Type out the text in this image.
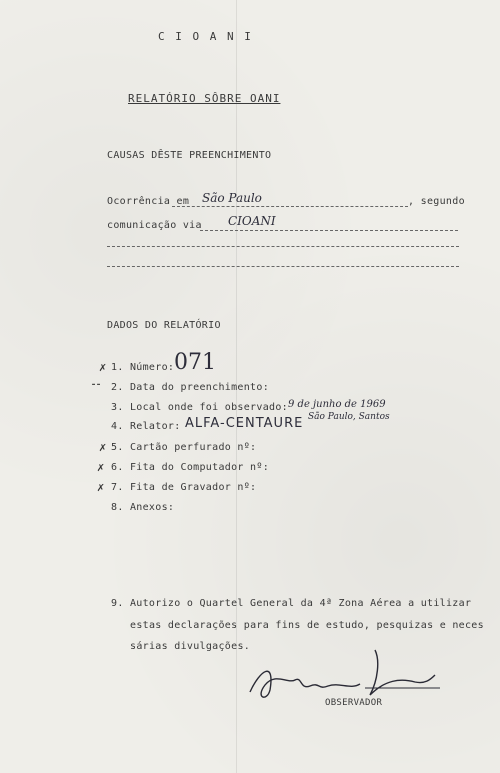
C I O A N I
RELATÓRIO SÔBRE OANI
CAUSAS DÊSTE PREENCHIMENTO
Ocorrência em São Paulo	, segundo
comunicação via CIOANI
DADOS DO RELATÓRIO
✗ 1. Número: 071
⁃⁃ 2. Data do preenchimento:
3. Local onde foi observado: 9 de junho de 1969
São Paulo, Santos
4. Relator: ALFA-CENTAURE
✗ 5. Cartão perfurado nº:
✗ 6. Fita do Computador nº:
✗ 7. Fita de Gravador nº:
8. Anexos:
9. Autorizo o Quartel General da 4ª Zona Aérea a utilizar
estas declarações para fins de estudo, pesquizas e neces
sárias divulgações.
OBSERVADOR
